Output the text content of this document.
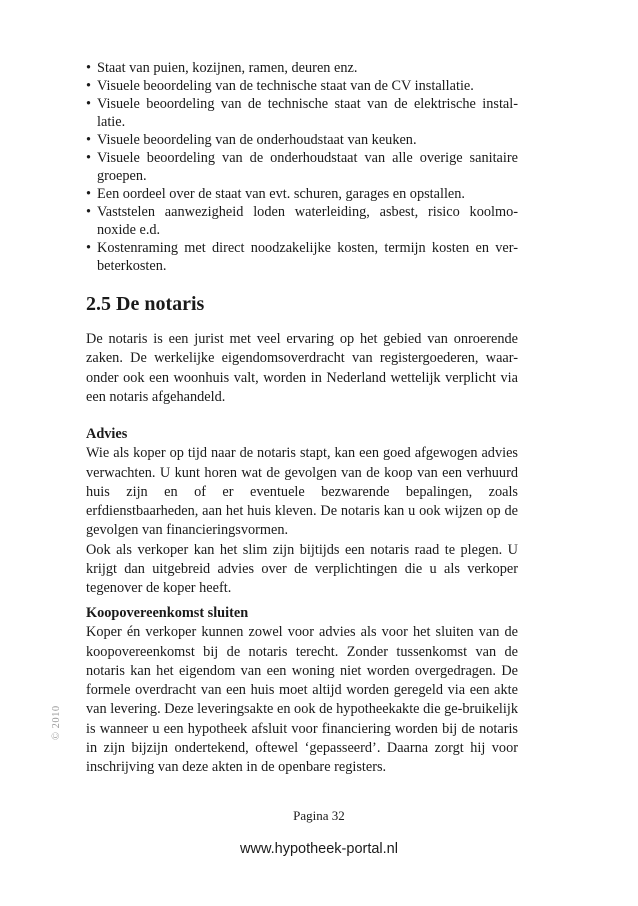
• Staat van puien, kozijnen, ramen, deuren enz.
• Visuele beoordeling van de technische staat van de CV installatie.
• Visuele beoordeling van de technische staat van de elektrische instal-latie.
• Visuele beoordeling van de onderhoudstaat van keuken.
• Visuele beoordeling van de onderhoudstaat van alle overige sanitaire groepen.
• Een oordeel over de staat van evt. schuren, garages en opstallen.
• Vaststelen aanwezigheid loden waterleiding, asbest, risico koolmo-noxide e.d.
• Kostenraming met direct noodzakelijke kosten, termijn kosten en ver-beterkosten.
2.5 De notaris

De notaris is een jurist met veel ervaring op het gebied van onroerende zaken. De werkelijke eigendomsoverdracht van registergoederen, waar-onder ook een woonhuis valt, worden in Nederland wettelijk verplicht via een notaris afgehandeld.

Advies

Wie als koper op tijd naar de notaris stapt, kan een goed afgewogen advies verwachten. U kunt horen wat de gevolgen van de koop van een verhuurd huis zijn en of er eventuele bezwarende bepalingen, zoals erfdienstbaarheden, aan het huis kleven. De notaris kan u ook wijzen op de gevolgen van financieringsvormen.

Ook als verkoper kan het slim zijn bijtijds een notaris raad te plegen. U krijgt dan uitgebreid advies over de verplichtingen die u als verkoper tegenover de koper heeft.

Koopovereenkomst sluiten

Koper én verkoper kunnen zowel voor advies als voor het sluiten van de koopovereenkomst bij de notaris terecht. Zonder tussenkomst van de notaris kan het eigendom van een woning niet worden overgedragen. De formele overdracht van een huis moet altijd worden geregeld via een akte van levering. Deze leveringsakte en ook de hypotheekakte die ge-bruikelijk is wanneer u een hypotheek afsluit voor financiering worden bij de notaris in zijn bijzijn ondertekend, oftewel ‘gepasseerd’. Daarna zorgt hij voor inschrijving van deze akten in de openbare registers.

© 2010
Pagina 32
www.hypotheek-portal.nl
